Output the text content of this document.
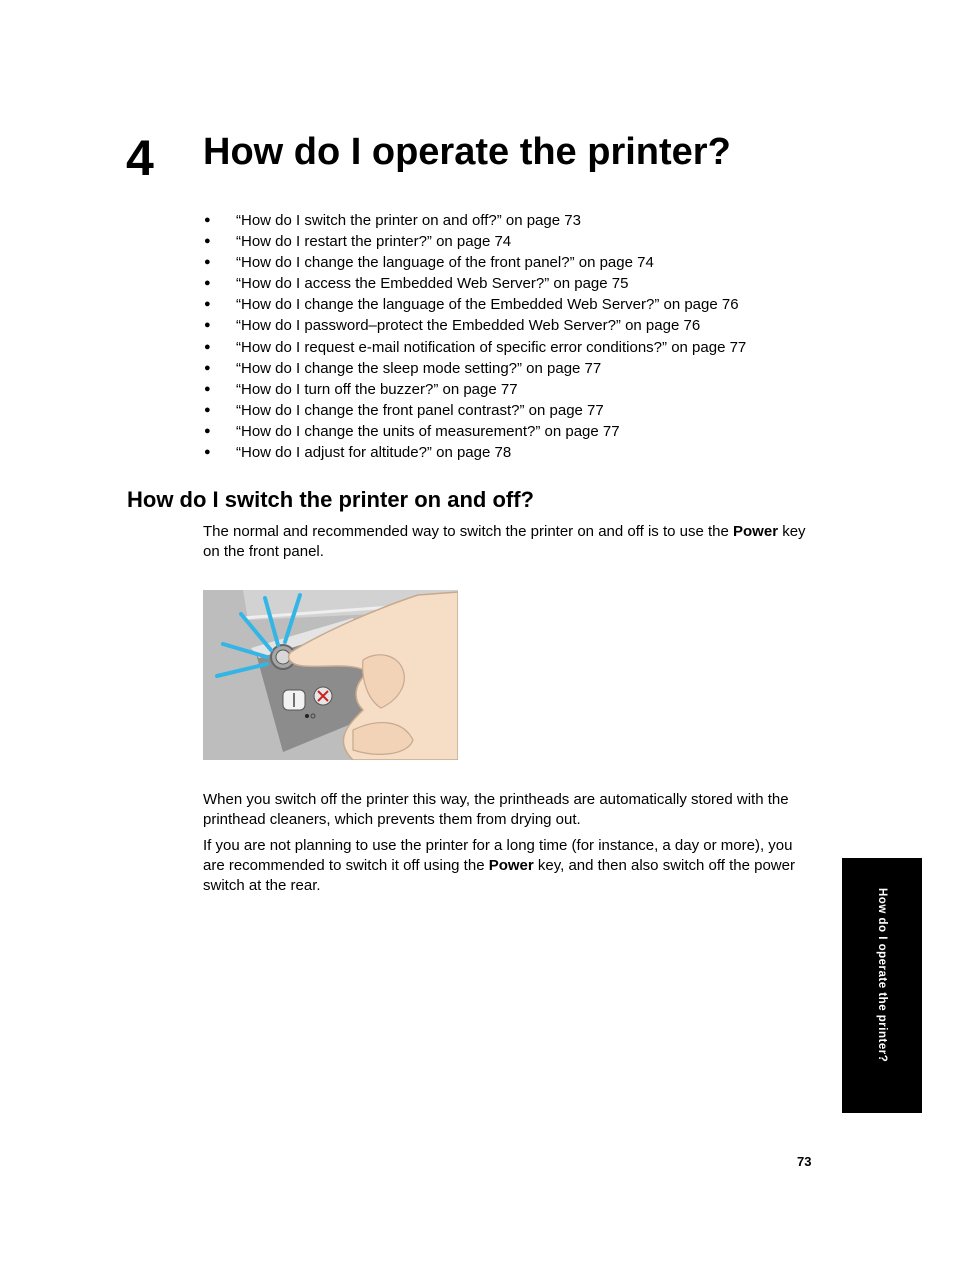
4 How do I operate the printer?
● “How do I switch the printer on and off?” on page 73
● “How do I restart the printer?” on page 74
● “How do I change the language of the front panel?” on page 74
● “How do I access the Embedded Web Server?” on page 75
● “How do I change the language of the Embedded Web Server?” on page 76
● “How do I password–protect the Embedded Web Server?” on page 76
● “How do I request e-mail notification of specific error conditions?” on page 77
● “How do I change the sleep mode setting?” on page 77
● “How do I turn off the buzzer?” on page 77
● “How do I change the front panel contrast?” on page 77
● “How do I change the units of measurement?” on page 77
● “How do I adjust for altitude?” on page 78
How do I switch the printer on and off?

The normal and recommended way to switch the printer on and off is to use the Power key on the front panel.

When you switch off the printer this way, the printheads are automatically stored with the printhead cleaners, which prevents them from drying out.

If you are not planning to use the printer for a long time (for instance, a day or more), you are recommended to switch it off using the Power key, and then also switch off the power switch at the rear.

How do I operate the printer?
73
